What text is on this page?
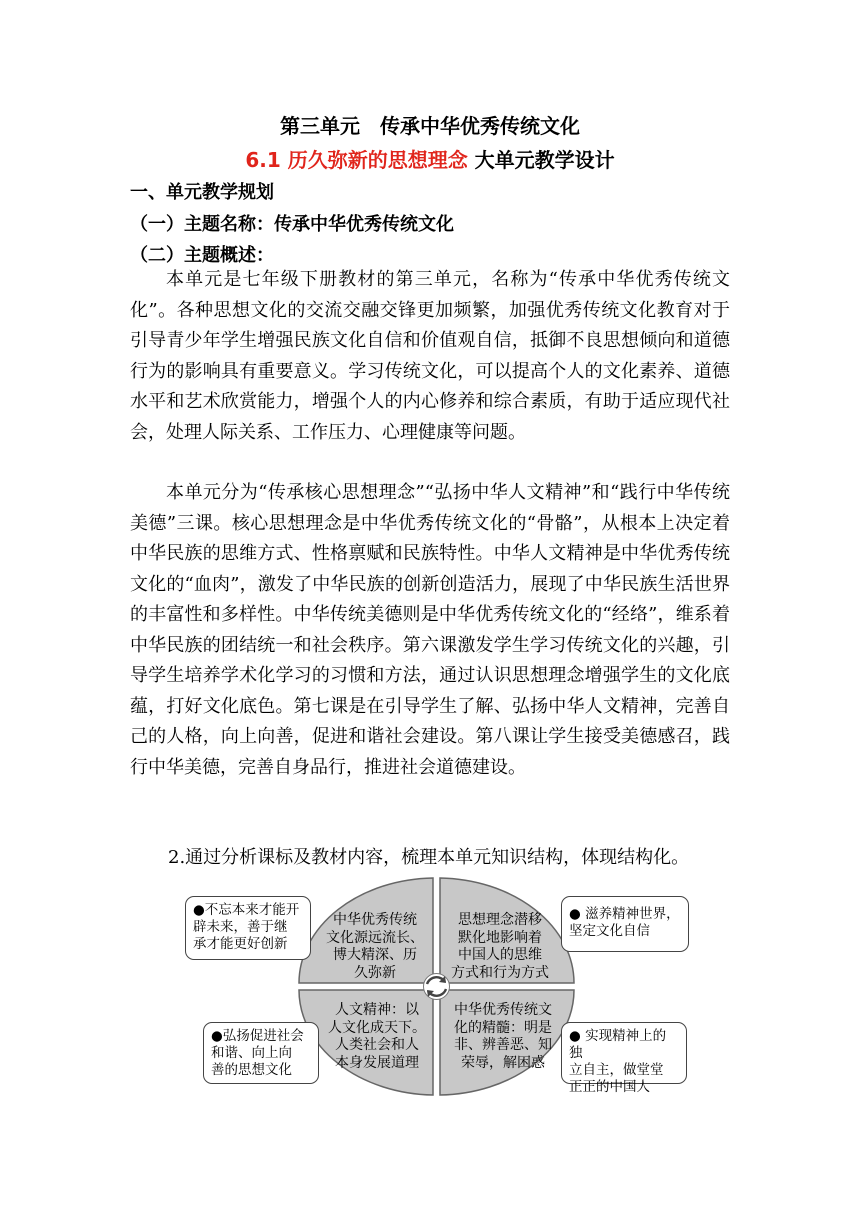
第三单元　传承中华优秀传统文化
6.1 历久弥新的思想理念 大单元教学设计
一、单元教学规划
（一）主题名称：传承中华优秀传统文化
（二）主题概述：

本单元是七年级下册教材的第三单元，名称为“传承中华优秀传统文化”。各种思想文化的交流交融交锋更加频繁，加强优秀传统文化教育对于引导青少年学生增强民族文化自信和价值观自信，抵御不良思想倾向和道德行为的影响具有重要意义。学习传统文化，可以提高个人的文化素养、道德水平和艺术欣赏能力，增强个人的内心修养和综合素质，有助于适应现代社会，处理人际关系、工作压力、心理健康等问题。

本单元分为“传承核心思想理念”“弘扬中华人文精神”和“践行中华传统美德”三课。核心思想理念是中华优秀传统文化的“骨骼”，从根本上决定着中华民族的思维方式、性格禀赋和民族特性。中华人文精神是中华优秀传统文化的“血肉”，激发了中华民族的创新创造活力，展现了中华民族生活世界的丰富性和多样性。中华传统美德则是中华优秀传统文化的“经络”，维系着中华民族的团结统一和社会秩序。第六课激发学生学习传统文化的兴趣，引导学生培养学术化学习的习惯和方法，通过认识思想理念增强学生的文化底蕴，打好文化底色。第七课是在引导学生了解、弘扬中华人文精神，完善自己的人格，向上向善，促进和谐社会建设。第八课让学生接受美德感召，践行中华美德，完善自身品行，推进社会道德建设。

2.通过分析课标及教材内容，梳理本单元知识结构，体现结构化。

中华优秀传统
文化源远流长、
博大精深、历
久弥新
思想理念潜移
默化地影响着
中国人的思维
方式和行为方式
人文精神：以
人文化成天下。
人类社会和人
本身发展道理
中华优秀传统文
化的精髓：明是
非、辨善恶、知
荣辱，解困惑
●不忘本来才能开
辟未来，善于继
承才能更好创新
● 滋养精神世界，
坚定文化自信
●弘扬促进社会
和谐、向上向
善的思想文化
● 实现精神上的独
立自主，做堂堂
正正的中国人
